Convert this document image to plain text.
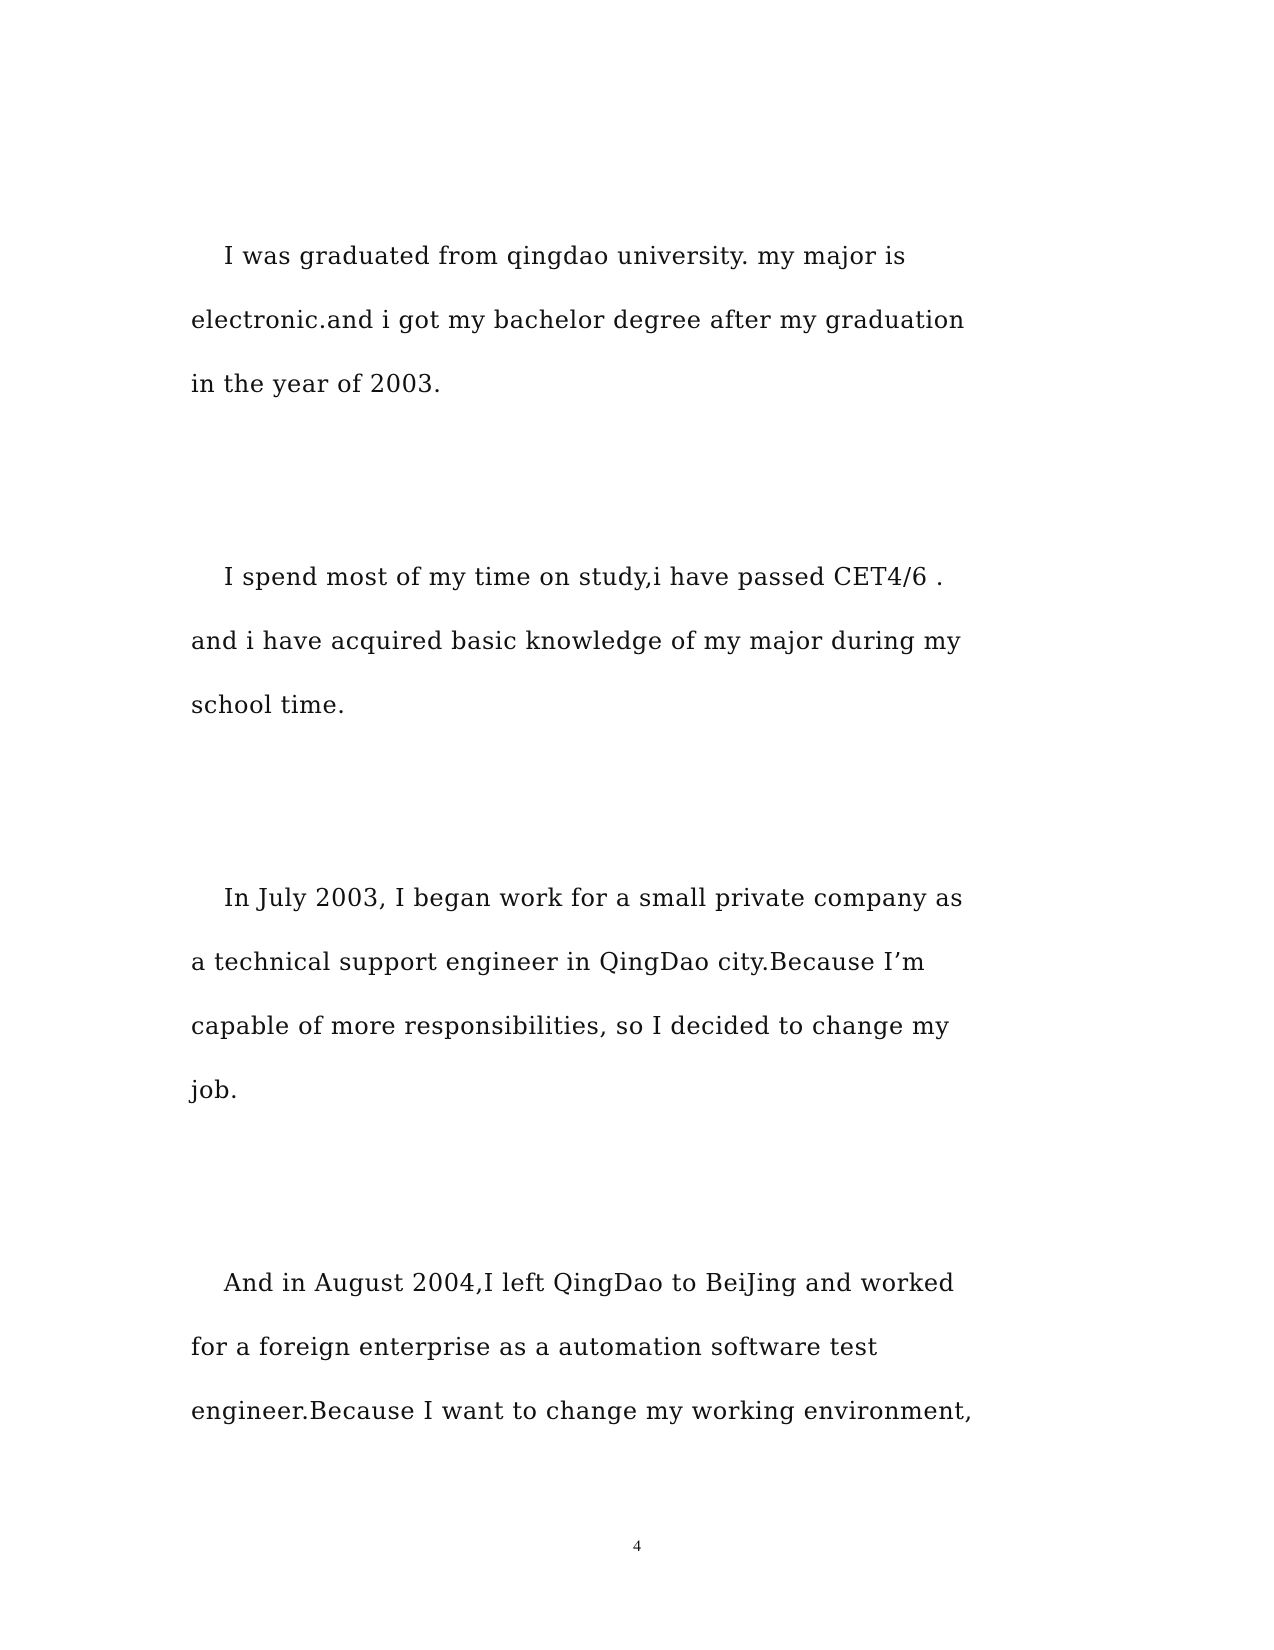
I was graduated from qingdao university. my major is
electronic.and i got my bachelor degree after my graduation
in the year of 2003.
I spend most of my time on study,i have passed CET4/6 .
and i have acquired basic knowledge of my major during my
school time.
In July 2003, I began work for a small private company as
a technical support engineer in QingDao city.Because I’m
capable of more responsibilities, so I decided to change my
job.
And in August 2004,I left QingDao to BeiJing and worked
for a foreign enterprise as a automation software test
engineer.Because I want to change my working environment,
4
